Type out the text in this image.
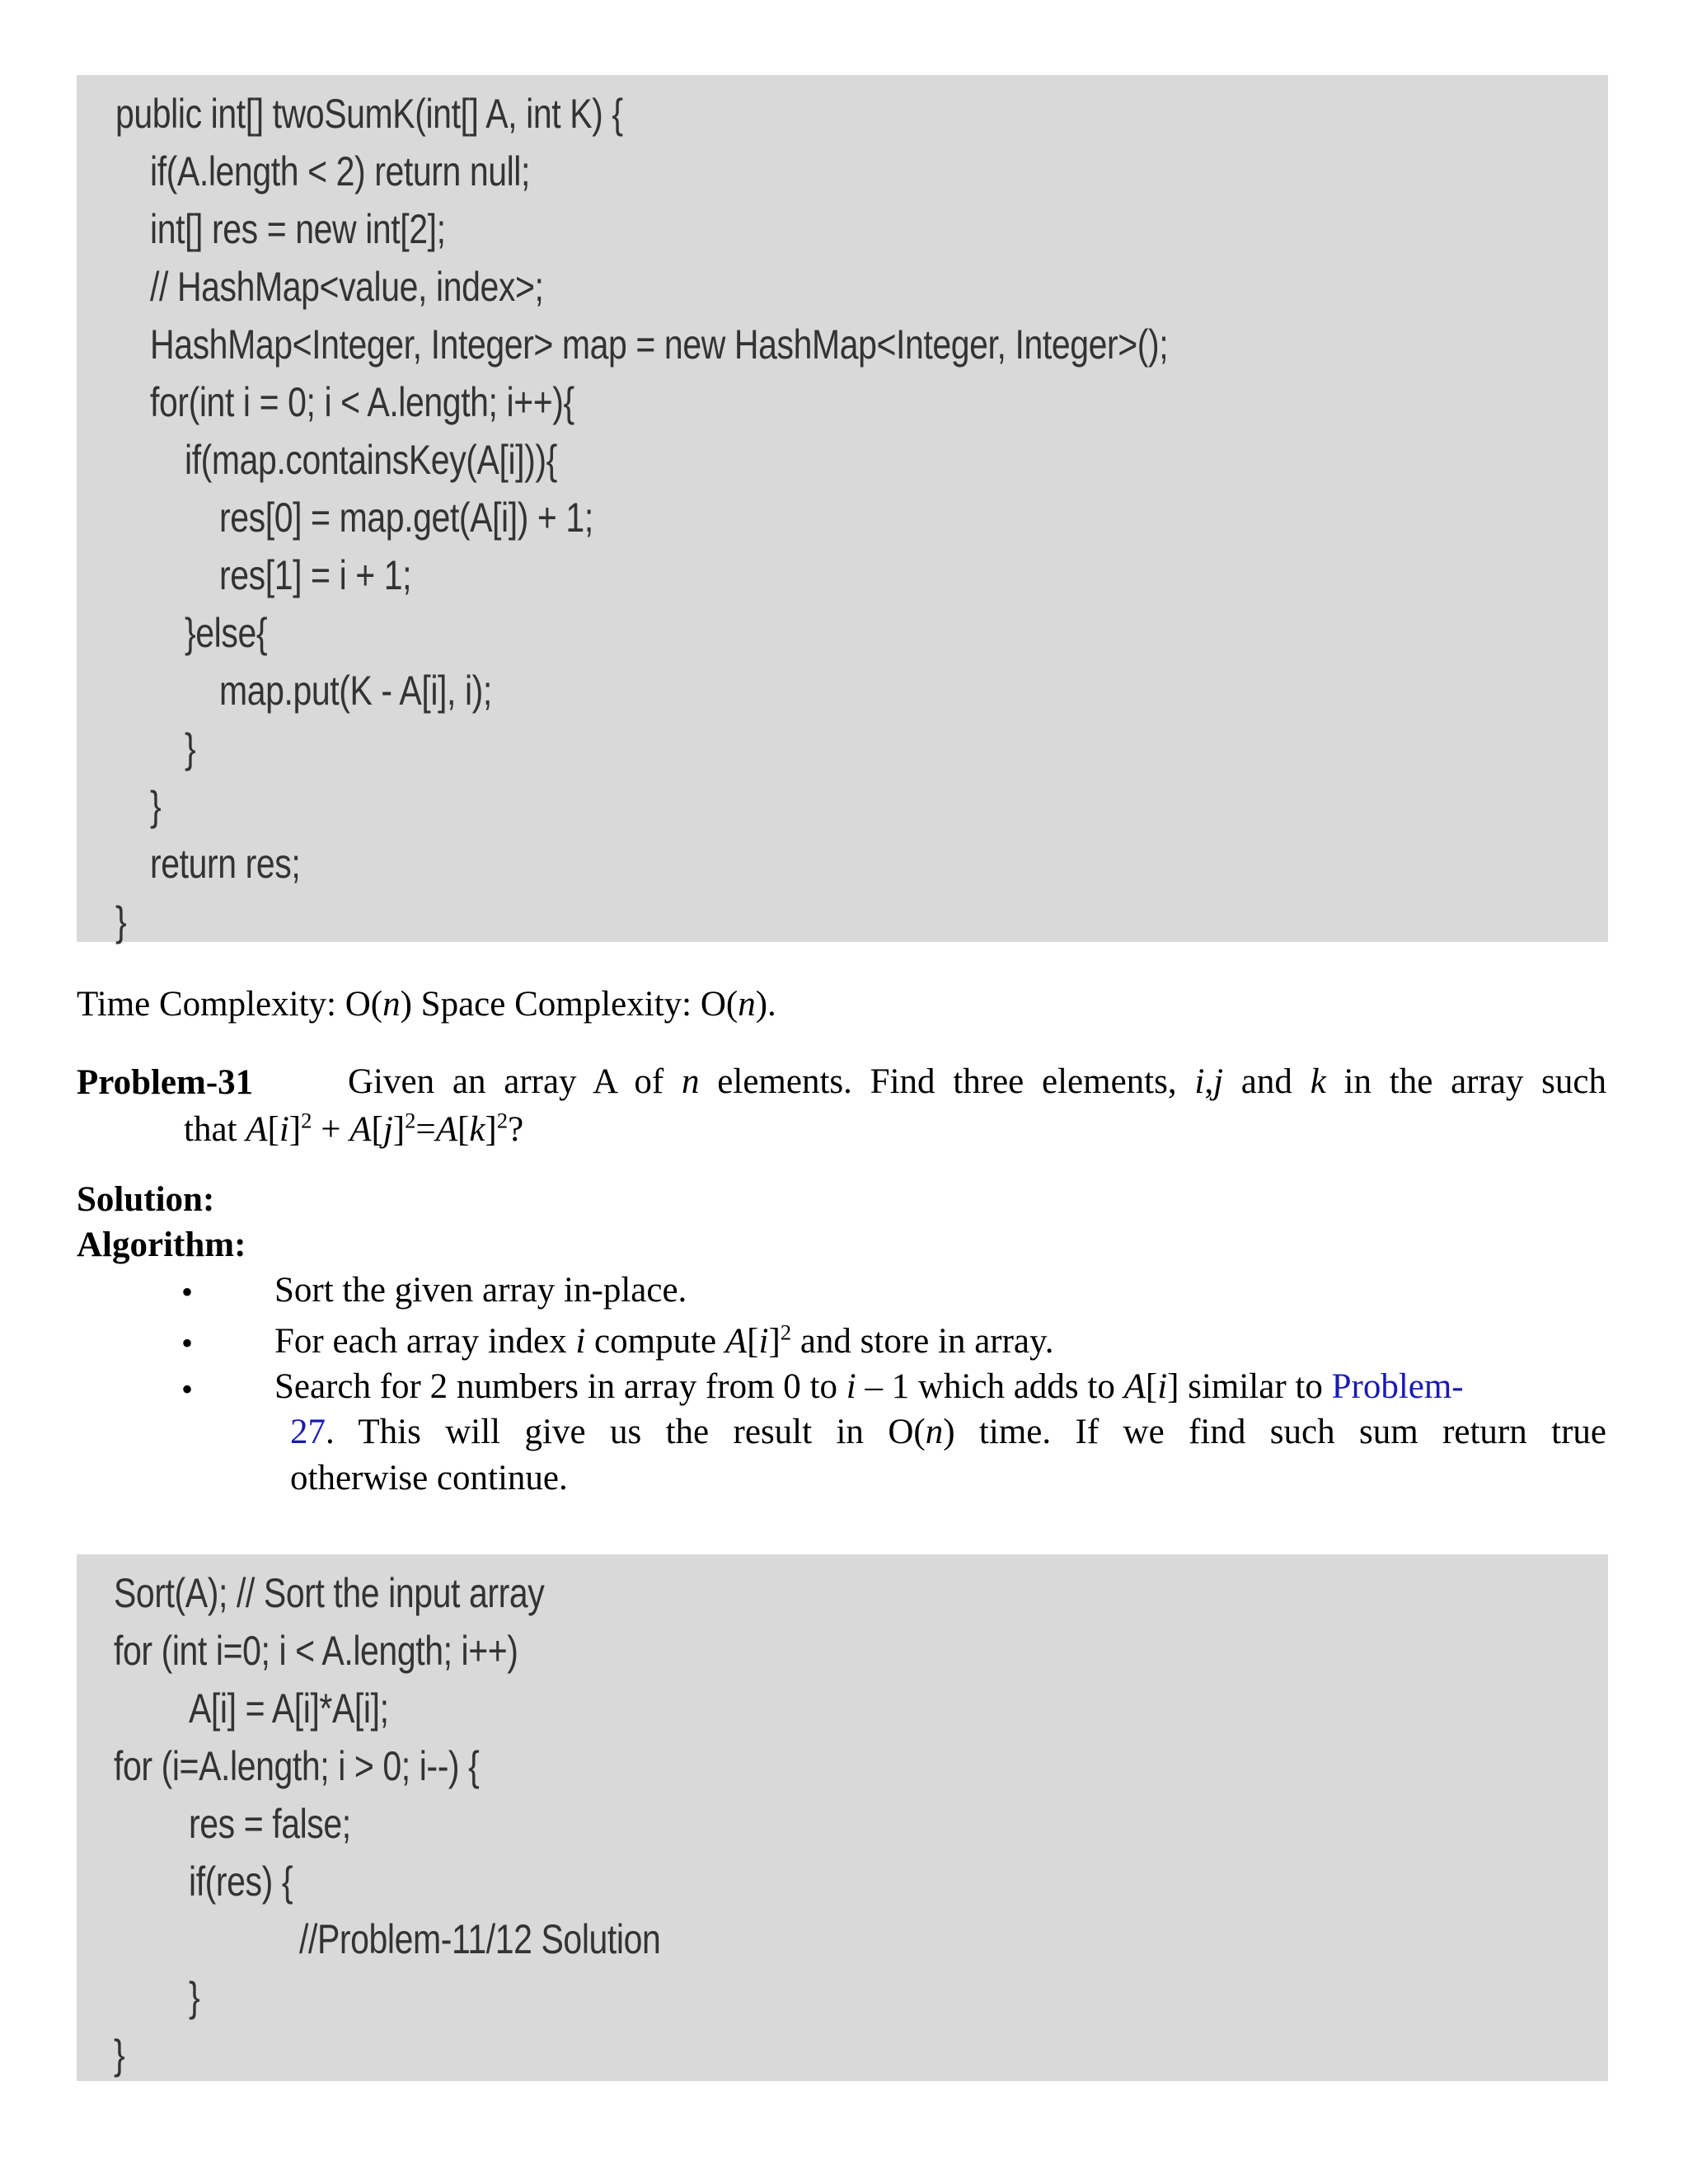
public int[] twoSumK(int[] A, int K) {
if(A.length < 2) return null;
int[] res = new int[2];
// HashMap<value, index>;
HashMap<Integer, Integer> map = new HashMap<Integer, Integer>();
for(int i = 0; i < A.length; i++){
if(map.containsKey(A[i])){
res[0] = map.get(A[i]) + 1;
res[1] = i + 1;
}else{
map.put(K - A[i], i);
}
}
return res;
}
Time Complexity: O(n) Space Complexity: O(n).
Problem-31	Given an array A of n elements. Find three elements, i,j and k in the array such
that $A[i]^2 + A[j]^2=A[k]^2$?
Solution:
Algorithm:
• Sort the given array in-place.
• For each array index i compute $A[i]^2$ and store in array.
• Search for 2 numbers in array from 0 to i – 1 which adds to A[i] similar to Problem-
27. This will give us the result in O(n) time. If we find such sum return true
otherwise continue.
Sort(A); // Sort the input array
for (int i=0; i < A.length; i++)
A[i] = A[i]*A[i];
for (i=A.length; i > 0; i--) {
res = false;
if(res) {
//Problem-11/12 Solution
}
}
